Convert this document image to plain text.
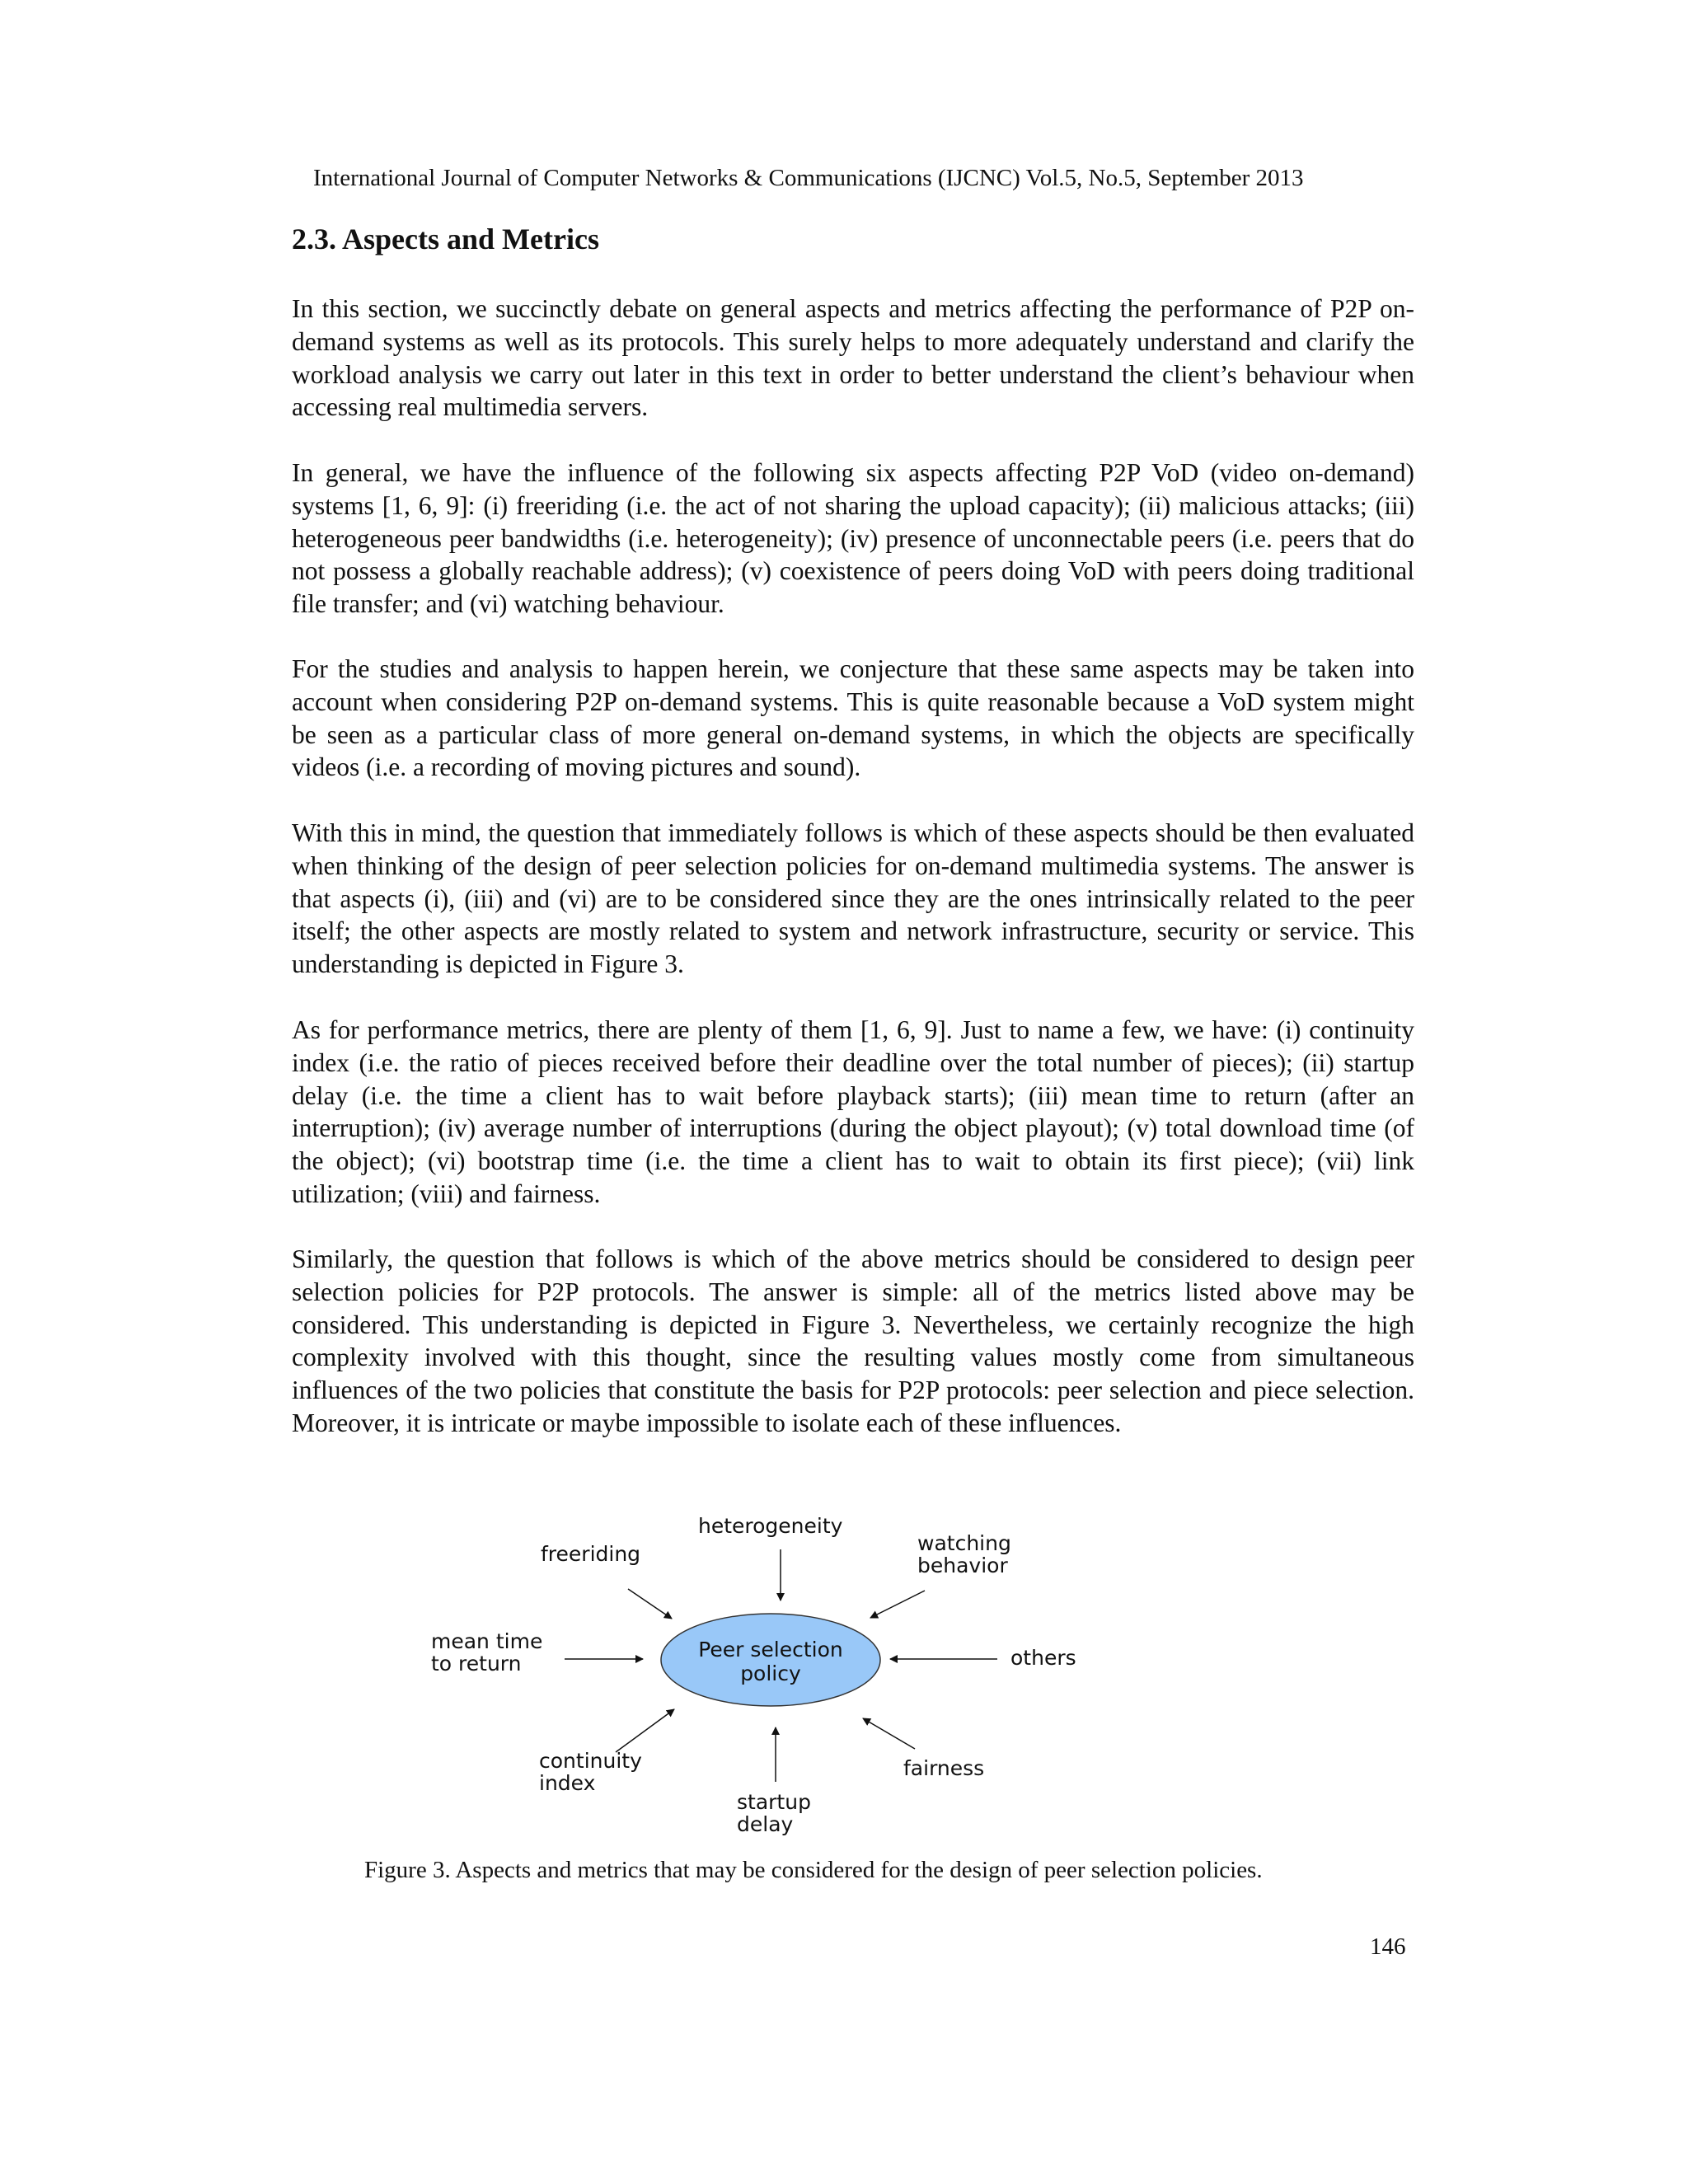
International Journal of Computer Networks & Communications (IJCNC) Vol.5, No.5, September 2013
2.3. Aspects and Metrics

In this section, we succinctly debate on general aspects and metrics affecting the performance of P2P on-demand systems as well as its protocols. This surely helps to more adequately understand and clarify the workload analysis we carry out later in this text in order to better understand the client’s behaviour when accessing real multimedia servers.

In general, we have the influence of the following six aspects affecting P2P VoD (video on-demand) systems [1, 6, 9]: (i) freeriding (i.e. the act of not sharing the upload capacity); (ii) malicious attacks; (iii) heterogeneous peer bandwidths (i.e. heterogeneity); (iv) presence of unconnectable peers (i.e. peers that do not possess a globally reachable address); (v) coexistence of peers doing VoD with peers doing traditional file transfer; and (vi) watching behaviour.

For the studies and analysis to happen herein, we conjecture that these same aspects may be taken into account when considering P2P on-demand systems. This is quite reasonable because a VoD system might be seen as a particular class of more general on-demand systems, in which the objects are specifically videos (i.e. a recording of moving pictures and sound).

With this in mind, the question that immediately follows is which of these aspects should be then evaluated when thinking of the design of peer selection policies for on-demand multimedia systems. The answer is that aspects (i), (iii) and (vi) are to be considered since they are the ones intrinsically related to the peer itself; the other aspects are mostly related to system and network infrastructure, security or service. This understanding is depicted in Figure 3.

As for performance metrics, there are plenty of them [1, 6, 9]. Just to name a few, we have: (i) continuity index (i.e. the ratio of pieces received before their deadline over the total number of pieces); (ii) startup delay (i.e. the time a client has to wait before playback starts); (iii) mean time to return (after an interruption); (iv) average number of interruptions (during the object playout); (v) total download time (of the object); (vi) bootstrap time (i.e. the time a client has to wait to obtain its first piece); (vii) link utilization; (viii) and fairness.

Similarly, the question that follows is which of the above metrics should be considered to design peer selection policies for P2P protocols. The answer is simple: all of the metrics listed above may be considered. This understanding is depicted in Figure 3. Nevertheless, we certainly recognize the high complexity involved with this thought, since the resulting values mostly come from simultaneous influences of the two policies that constitute the basis for P2P protocols: peer selection and piece selection. Moreover, it is intricate or maybe impossible to isolate each of these influences.

Peer selection
policy
heterogeneity
freeriding	watching
behavior
mean time
to return	others
continuity
index
startup
delay
fairness
Figure 3. Aspects and metrics that may be considered for the design of peer selection policies.
146
